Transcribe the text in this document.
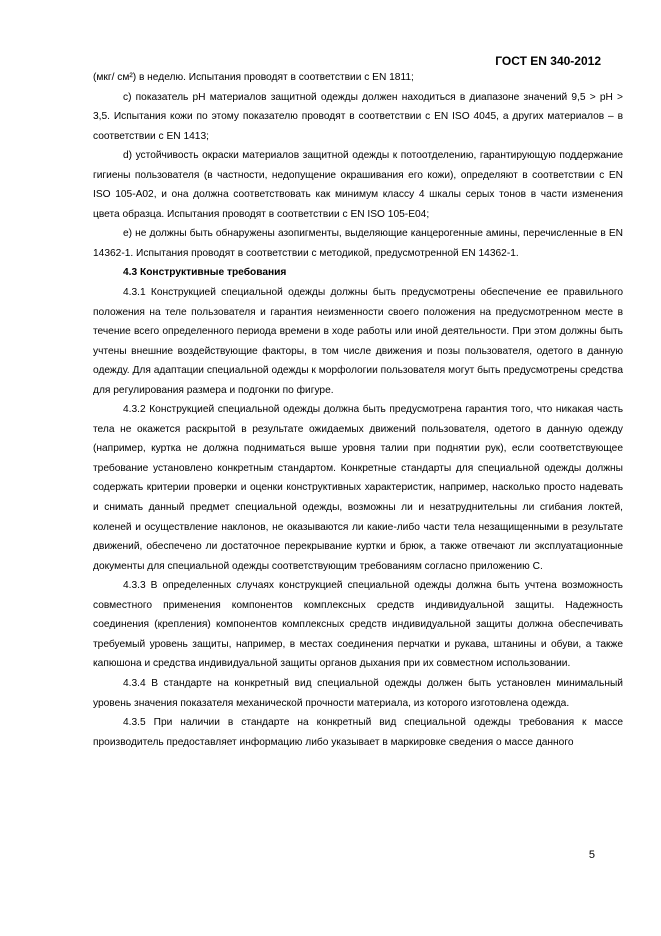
ГОСТ EN 340-2012

(мкг/ см²) в неделю. Испытания проводят в соответствии с EN 1811;

с) показатель pH материалов защитной одежды должен находиться в диапазоне значений 9,5 > pH > 3,5. Испытания кожи по этому показателю проводят в соответствии с EN ISO 4045, а других материалов – в соответствии с EN 1413;

d) устойчивость окраски материалов защитной одежды к потоотделению, гарантирующую поддержание гигиены пользователя (в частности, недопущение окрашивания его кожи), определяют в соответствии с EN ISO 105-A02, и она должна соответствовать как минимум классу 4 шкалы серых тонов в части изменения цвета образца. Испытания проводят в соответствии с EN ISO 105-E04;

е) не должны быть обнаружены азопигменты, выделяющие канцерогенные амины, перечисленные в EN 14362-1. Испытания проводят в соответствии с методикой, предусмотренной EN 14362-1.

4.3 Конструктивные требования

4.3.1 Конструкцией специальной одежды должны быть предусмотрены обеспечение ее правильного положения на теле пользователя и гарантия неизменности своего положения на предусмотренном месте в течение всего определенного периода времени в ходе работы или иной деятельности. При этом должны быть учтены внешние воздействующие факторы, в том числе движения и позы пользователя, одетого в данную одежду. Для адаптации специальной одежды к морфологии пользователя могут быть предусмотрены средства для регулирования размера и подгонки по фигуре.

4.3.2 Конструкцией специальной одежды должна быть предусмотрена гарантия того, что никакая часть тела не окажется раскрытой в результате ожидаемых движений пользователя, одетого в данную одежду (например, куртка не должна подниматься выше уровня талии при поднятии рук), если соответствующее требование установлено конкретным стандартом. Конкретные стандарты для специальной одежды должны содержать критерии проверки и оценки конструктивных характеристик, например, насколько просто надевать и снимать данный предмет специальной одежды, возможны ли и незатруднительны ли сгибания локтей, коленей и осуществление наклонов, не оказываются ли какие-либо части тела незащищенными в результате движений, обеспечено ли достаточное перекрывание куртки и брюк, а также отвечают ли эксплуатационные документы для специальной одежды соответствующим требованиям согласно приложению С.

4.3.3 В определенных случаях конструкцией специальной одежды должна быть учтена возможность совместного применения компонентов комплексных средств индивидуальной защиты. Надежность соединения (крепления) компонентов комплексных средств индивидуальной защиты должна обеспечивать требуемый уровень защиты, например, в местах соединения перчатки и рукава, штанины и обуви, а также капюшона и средства индивидуальной защиты органов дыхания при их совместном использовании.

4.3.4 В стандарте на конкретный вид специальной одежды должен быть установлен минимальный уровень значения показателя механической прочности материала, из которого изготовлена одежда.

4.3.5 При наличии в стандарте на конкретный вид специальной одежды требования к массе производитель предоставляет информацию либо указывает в маркировке сведения о массе данного

5
